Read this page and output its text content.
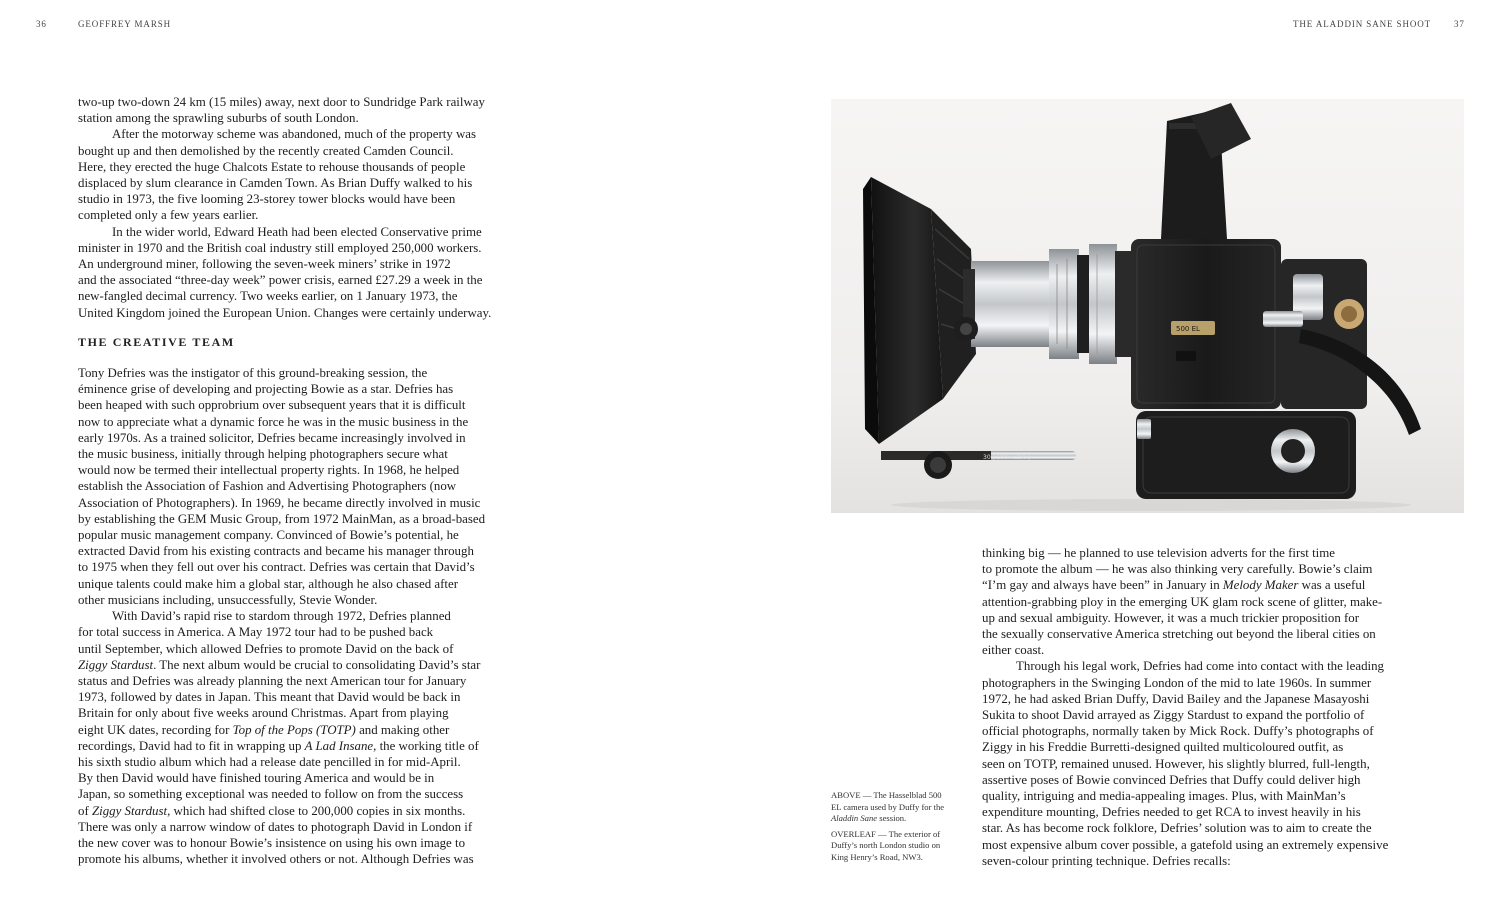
36	GEOFFREY MARSH	THE ALADDIN SANE SHOOT	37

two-up two-down 24 km (15 miles) away, next door to Sundridge Park railway
station among the sprawling suburbs of south London.

After the motorway scheme was abandoned, much of the property was
bought up and then demolished by the recently created Camden Council.
Here, they erected the huge Chalcots Estate to rehouse thousands of people
displaced by slum clearance in Camden Town. As Brian Duffy walked to his
studio in 1973, the five looming 23-storey tower blocks would have been
completed only a few years earlier.

In the wider world, Edward Heath had been elected Conservative prime
minister in 1970 and the British coal industry still employed 250,000 workers.
An underground miner, following the seven-week miners’ strike in 1972
and the associated “three-day week” power crisis, earned £27.29 a week in the
new-fangled decimal currency. Two weeks earlier, on 1 January 1973, the
United Kingdom joined the European Union. Changes were certainly underway.

THE CREATIVE TEAM

Tony Defries was the instigator of this ground-breaking session, the
éminence grise of developing and projecting Bowie as a star. Defries has
been heaped with such opprobrium over subsequent years that it is difficult
now to appreciate what a dynamic force he was in the music business in the
early 1970s. As a trained solicitor, Defries became increasingly involved in
the music business, initially through helping photographers secure what
would now be termed their intellectual property rights. In 1968, he helped
establish the Association of Fashion and Advertising Photographers (now
Association of Photographers). In 1969, he became directly involved in music
by establishing the GEM Music Group, from 1972 MainMan, as a broad-based
popular music management company. Convinced of Bowie’s potential, he
extracted David from his existing contracts and became his manager through
to 1975 when they fell out over his contract. Defries was certain that David’s
unique talents could make him a global star, although he also chased after
other musicians including, unsuccessfully, Stevie Wonder.

With David’s rapid rise to stardom through 1972, Defries planned
for total success in America. A May 1972 tour had to be pushed back
until September, which allowed Defries to promote David on the back of
Ziggy Stardust. The next album would be crucial to consolidating David’s star
status and Defries was already planning the next American tour for January
1973, followed by dates in Japan. This meant that David would be back in
Britain for only about five weeks around Christmas. Apart from playing
eight UK dates, recording for Top of the Pops (TOTP) and making other
recordings, David had to fit in wrapping up A Lad Insane, the working title of
his sixth studio album which had a release date pencilled in for mid-April.
By then David would have finished touring America and would be in
Japan, so something exceptional was needed to follow on from the success
of Ziggy Stardust, which had shifted close to 200,000 copies in six months.
There was only a narrow window of dates to photograph David in London if
the new cover was to honour Bowie’s insistence on using his own image to
promote his albums, whether it involved others or not. Although Defries was

30 | 100 – 250 |
500 EL
ABOVE — The Hasselblad 500
EL camera used by Duffy for the
Aladdin Sane session.
OVERLEAF — The exterior of
Duffy’s north London studio on
King Henry’s Road, NW3.

thinking big — he planned to use television adverts for the first time
to promote the album — he was also thinking very carefully. Bowie’s claim
“I’m gay and always have been” in January in Melody Maker was a useful
attention-grabbing ploy in the emerging UK glam rock scene of glitter, make-
up and sexual ambiguity. However, it was a much trickier proposition for
the sexually conservative America stretching out beyond the liberal cities on
either coast.

Through his legal work, Defries had come into contact with the leading
photographers in the Swinging London of the mid to late 1960s. In summer
1972, he had asked Brian Duffy, David Bailey and the Japanese Masayoshi
Sukita to shoot David arrayed as Ziggy Stardust to expand the portfolio of
official photographs, normally taken by Mick Rock. Duffy’s photographs of
Ziggy in his Freddie Burretti-designed quilted multicoloured outfit, as
seen on TOTP, remained unused. However, his slightly blurred, full-length,
assertive poses of Bowie convinced Defries that Duffy could deliver high
quality, intriguing and media-appealing images. Plus, with MainMan’s
expenditure mounting, Defries needed to get RCA to invest heavily in his
star. As has become rock folklore, Defries’ solution was to aim to create the
most expensive album cover possible, a gatefold using an extremely expensive
seven-colour printing technique. Defries recalls:
